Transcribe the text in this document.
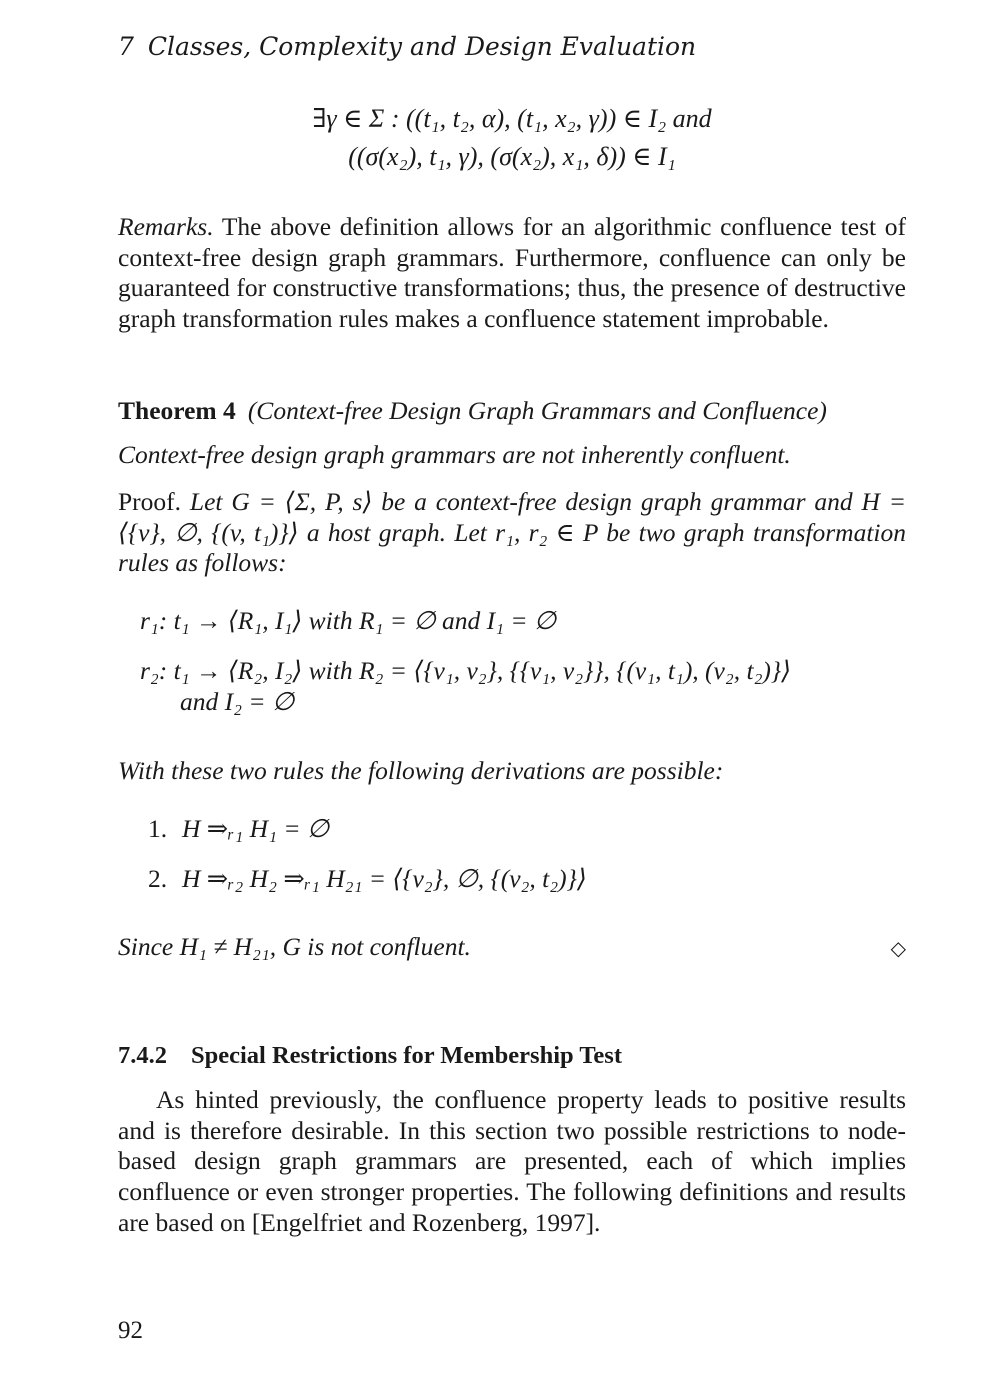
7 Classes, Complexity and Design Evaluation
∃γ ∈ Σ : ((t₁, t₂, α), (t₁, x₂, γ)) ∈ I₂ and
((σ(x₂), t₁, γ), (σ(x₂), x₁, δ)) ∈ I₁

Remarks. The above definition allows for an algorithmic confluence test of context-free design graph grammars. Furthermore, confluence can only be guaranteed for constructive transformations; thus, the presence of destructive graph transformation rules makes a confluence statement improbable.

Theorem 4 (Context-free Design Graph Grammars and Confluence)

Context-free design graph grammars are not inherently confluent.

Proof. Let G = ⟨Σ, P, s⟩ be a context-free design graph grammar and H = ⟨{v}, ∅, {(v, t₁)}⟩ a host graph. Let r₁, r₂ ∈ P be two graph transformation rules as follows:

r₁: t₁ → ⟨R₁, I₁⟩ with R₁ = ∅ and I₁ = ∅
r₂: t₁ → ⟨R₂, I₂⟩ with R₂ = ⟨{v₁, v₂}, {{v₁, v₂}}, {(v₁, t₁), (v₂, t₂)}⟩
and I₂ = ∅

With these two rules the following derivations are possible:

1. H ⇒ᵣ₁ H₁ = ∅
2. H ⇒ᵣ₂ H₂ ⇒ᵣ₁ H₂₁ = ⟨{v₂}, ∅, {(v₂, t₂)}⟩

Since H₁ ≠ H₂₁, G is not confluent.	◇
7.4.2 Special Restrictions for Membership Test

As hinted previously, the confluence property leads to positive results and is therefore desirable. In this section two possible restrictions to node-based design graph grammars are presented, each of which implies confluence or even stronger properties. The following definitions and results are based on [Engelfriet and Rozenberg, 1997].

92
